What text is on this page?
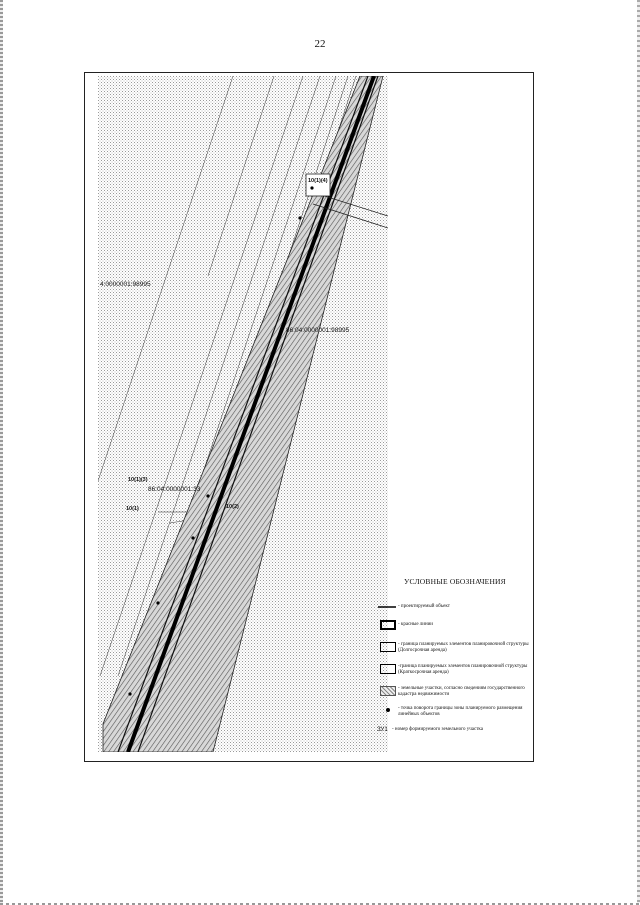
22
4:0000001:98995
86:04:0000001:98995
86:04:0000001:33
10(1)
10(1)(3)
10(2)
10(1)(4)
УСЛОВНЫЕ ОБОЗНАЧЕНИЯ
- проектируемый объект
- красные линии
- граница планируемых элементов планировочной структуры (Долгосрочная аренда)
-граница планируемых элементов планировочной структуры (Краткосрочная аренда)
- земельные участки, согласно сведениям государственного кадастра недвижимости
- точка поворота границы зоны планируемого размещения линейных объектов
ЗУ1 - номер формируемого земельного участка
